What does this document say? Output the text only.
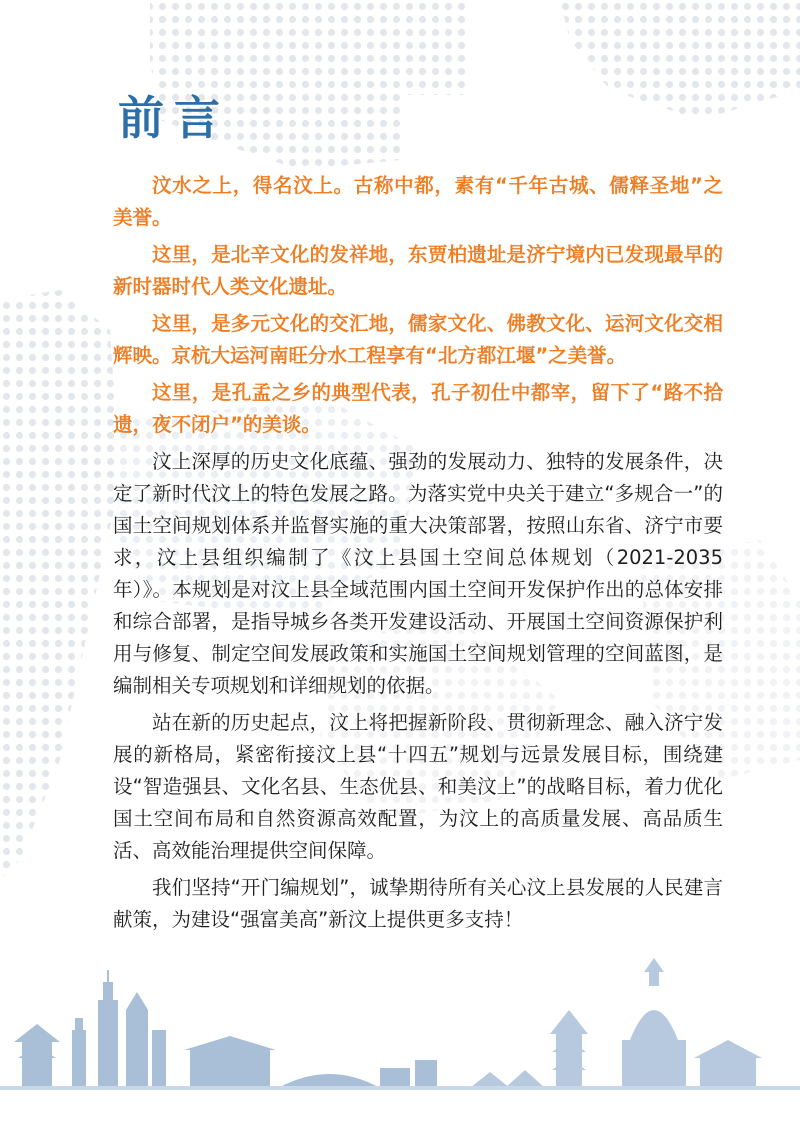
前言

汶水之上，得名汶上。古称中都，素有“千年古城、儒释圣地”之美誉。

这里，是北辛文化的发祥地，东贾柏遗址是济宁境内已发现最早的新时器时代人类文化遗址。

这里，是多元文化的交汇地，儒家文化、佛教文化、运河文化交相辉映。京杭大运河南旺分水工程享有“北方都江堰”之美誉。

这里，是孔孟之乡的典型代表，孔子初仕中都宰，留下了“路不拾遗，夜不闭户”的美谈。

汶上深厚的历史文化底蕴、强劲的发展动力、独特的发展条件，决定了新时代汶上的特色发展之路。为落实党中央关于建立“多规合一”的国土空间规划体系并监督实施的重大决策部署，按照山东省、济宁市要求，汶上县组织编制了《汶上县国土空间总体规划（2021-2035年）》。本规划是对汶上县全域范围内国土空间开发保护作出的总体安排和综合部署，是指导城乡各类开发建设活动、开展国土空间资源保护利用与修复、制定空间发展政策和实施国土空间规划管理的空间蓝图，是编制相关专项规划和详细规划的依据。

站在新的历史起点，汶上将把握新阶段、贯彻新理念、融入济宁发展的新格局，紧密衔接汶上县“十四五”规划与远景发展目标，围绕建设“智造强县、文化名县、生态优县、和美汶上”的战略目标，着力优化国土空间布局和自然资源高效配置，为汶上的高质量发展、高品质生活、高效能治理提供空间保障。

我们坚持“开门编规划”，诚挚期待所有关心汶上县发展的人民建言献策，为建设“强富美高”新汶上提供更多支持！
